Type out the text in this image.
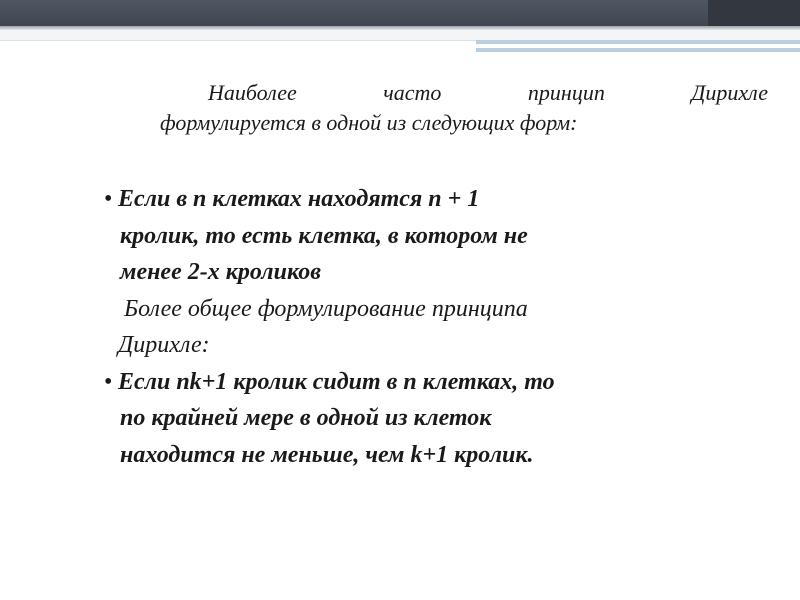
Наиболее	часто	принцип	Дирихле
формулируется в одной из следующих форм:
• Если в n клетках находятся n + 1
кролик, то есть клетка, в котором не
менее 2-х кроликов
Более общее формулирование принципа
Дирихле:
• Если nk+1 кролик сидит в n клетках, то
по крайней мере в одной из клеток
находится не меньше, чем k+1 кролик.
